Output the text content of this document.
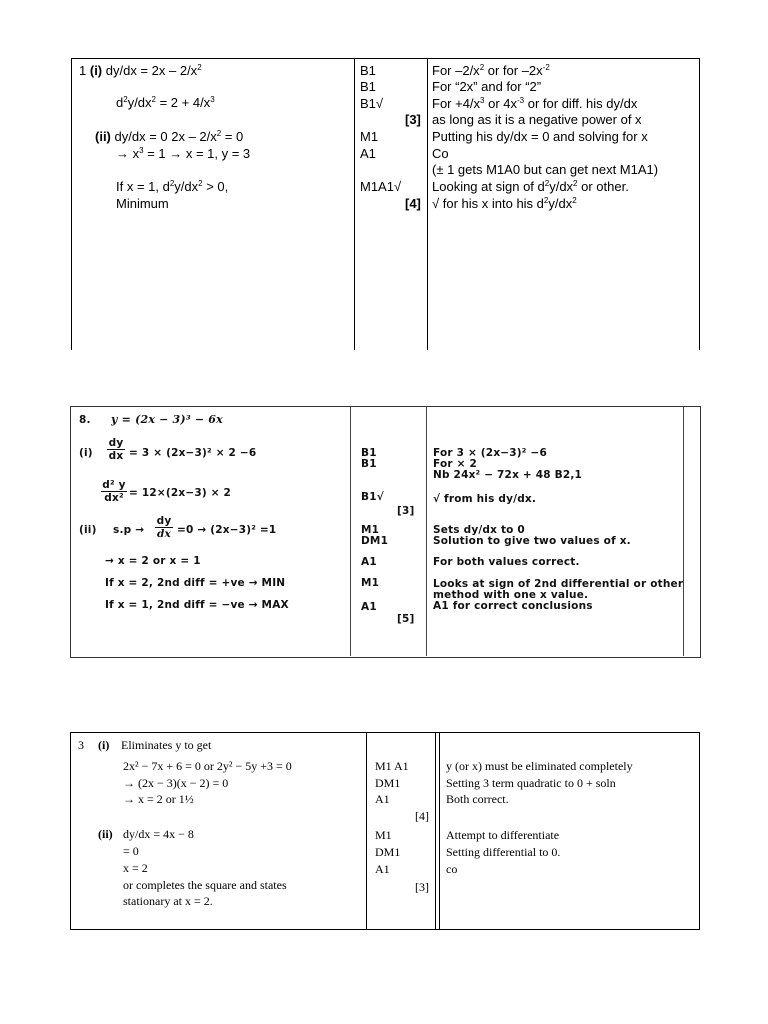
1 (i) $dy/dx = 2x - 2/x^2$
$d^2y/dx^2 = 2 + 4/x^3$
(ii) dy/dx = 0 $2x - 2/x^2 = 0$
→ $x^3 = 1 \to x = 1$, y = 3
If x = 1, $d^2y/dx^2 > 0$,
Minimum
B1
B1
B1√
[3]
M1
A1
M1A1√
[4]
For $-2/x^2$ or for $-2x^{-2}$
For “2x” and for “2”
For $+4/x^3$ or $4x^{-3}$ or for diff. his dy/dx
as long as it is a negative power of x
Putting his dy/dx = 0 and solving for x
Co
(± 1 gets M1A0 but can get next M1A1)
Looking at sign of $d^2y/dx^2$ or other.
√ for his x into his $d^2y/dx^2$
8. y = (2x − 3)³ − 6x
$(i) \frac{dy}{dx} = 3 \times (2x-3)^2 \times 2 -6$
$\frac{\text{d² y}}{\text{dx²}} = 12\times(2x-3) \times 2$
(ii) $s.p \to \frac{dy}{dx} =0 \to (2x-3)^2 =1$
→ x = 2 or x = 1
If x = 2, 2nd diff = +ve → MIN
If x = 1, 2nd diff = −ve → MAX
B1
B1
B1√
[3]
M1
DM1
A1
M1
A1
[5]
For 3 × (2x−3)² −6
For × 2
Nb 24x² − 72x + 48 B2,1
√ from his dy/dx.
Sets dy/dx to 0
Solution to give two values of x.
For both values correct.
Looks at sign of 2nd differential or other
method with one x value.
A1 for correct conclusions
3 (i) Eliminates y to get
2x² − 7x + 6 = 0 or 2y² − 5y +3 = 0
→ (2x − 3)(x − 2) = 0
→ x = 2 or 1½
(ii) dy/dx = 4x − 8
= 0
x = 2
or completes the square and states
stationary at x = 2.
M1 A1
DM1
A1
[4]
M1
DM1
A1
[3]
y (or x) must be eliminated completely
Setting 3 term quadratic to 0 + soln
Both correct.
Attempt to differentiate
Setting differential to 0.
co
